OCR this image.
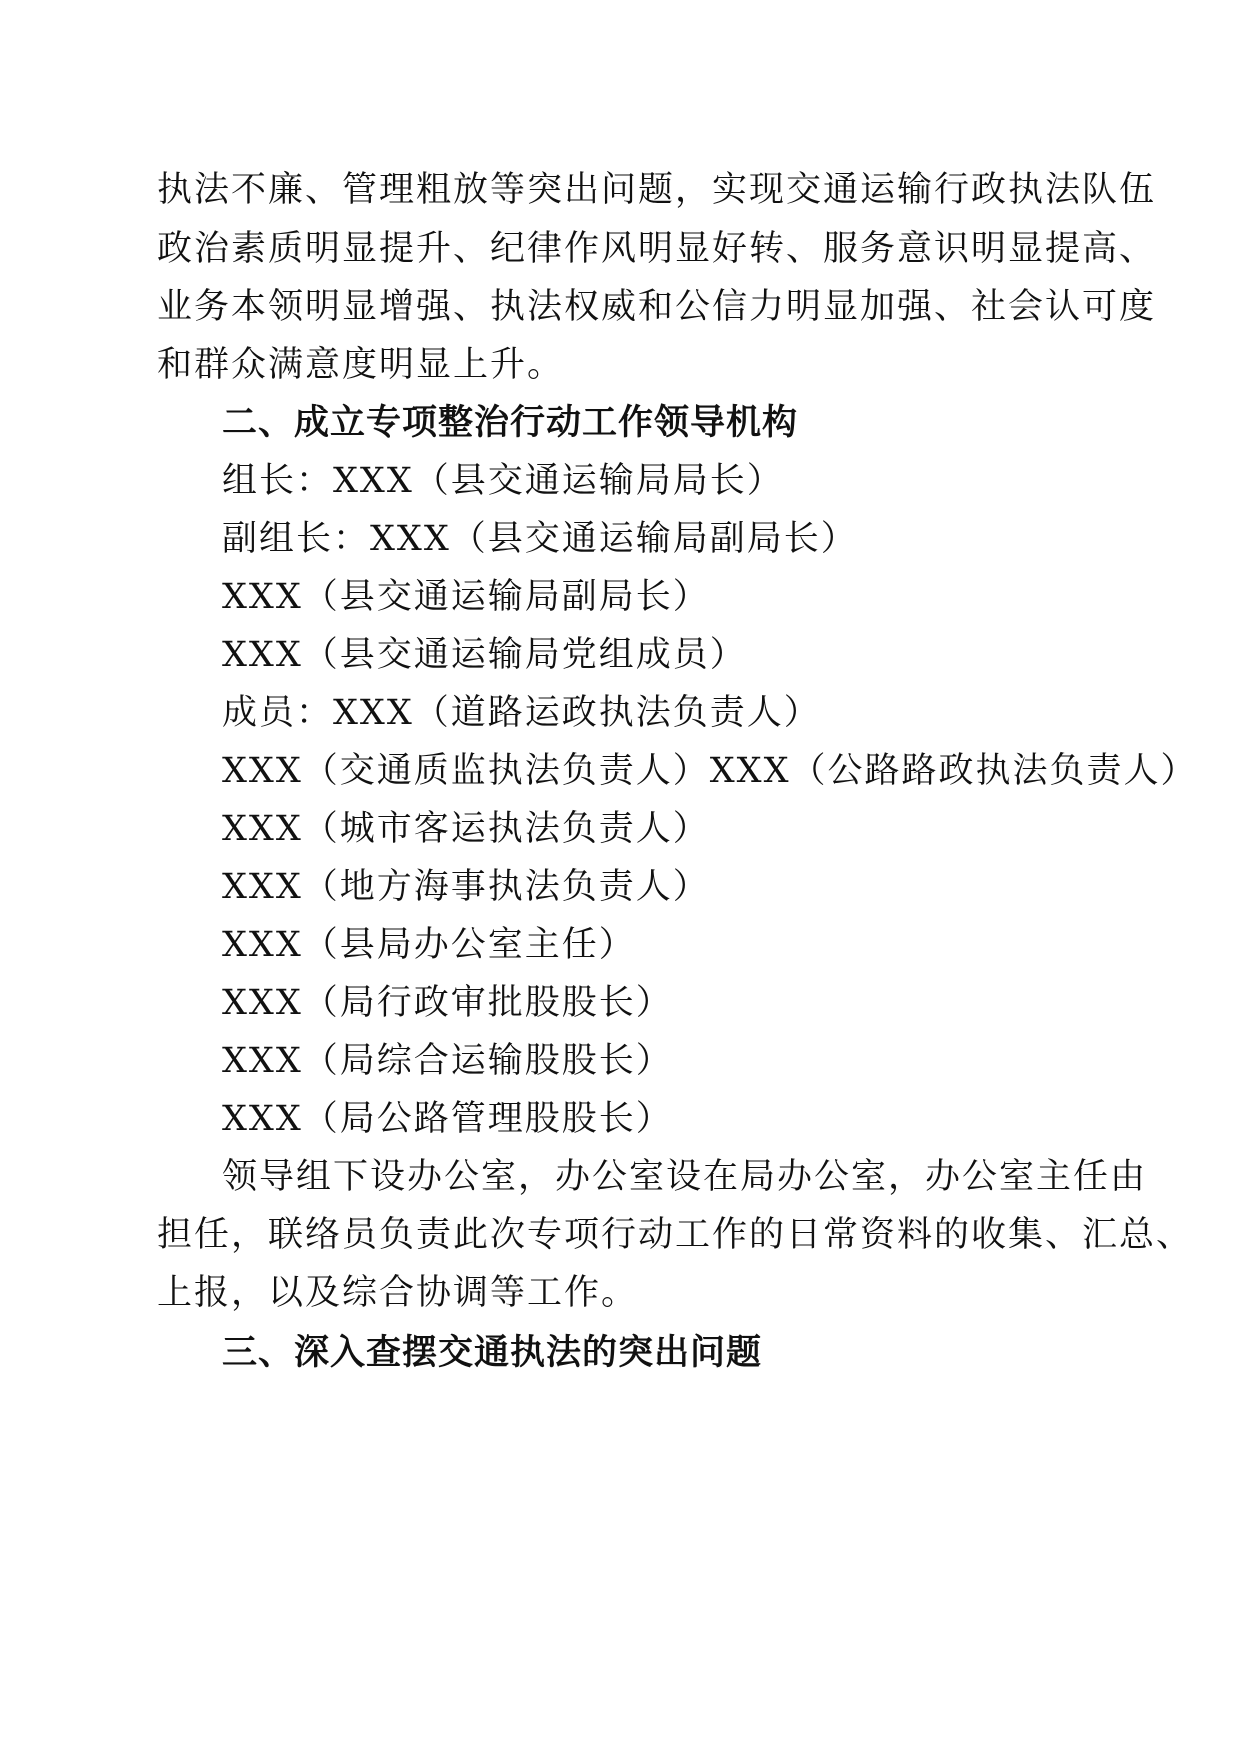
执法不廉、管理粗放等突出问题，实现交通运输行政执法队伍
政治素质明显提升、纪律作风明显好转、服务意识明显提高、
业务本领明显增强、执法权威和公信力明显加强、社会认可度
和群众满意度明显上升。
二、成立专项整治行动工作领导机构
组长：XXX（县交通运输局局长）
副组长：XXX（县交通运输局副局长）
XXX（县交通运输局副局长）
XXX（县交通运输局党组成员）
成员：XXX（道路运政执法负责人）
XXX（交通质监执法负责人）XXX（公路路政执法负责人）
XXX（城市客运执法负责人）
XXX（地方海事执法负责人）
XXX（县局办公室主任）
XXX（局行政审批股股长）
XXX（局综合运输股股长）
XXX（局公路管理股股长）
领导组下设办公室，办公室设在局办公室，办公室主任由
担任，联络员负责此次专项行动工作的日常资料的收集、汇总、
上报，以及综合协调等工作。
三、深入查摆交通执法的突出问题
